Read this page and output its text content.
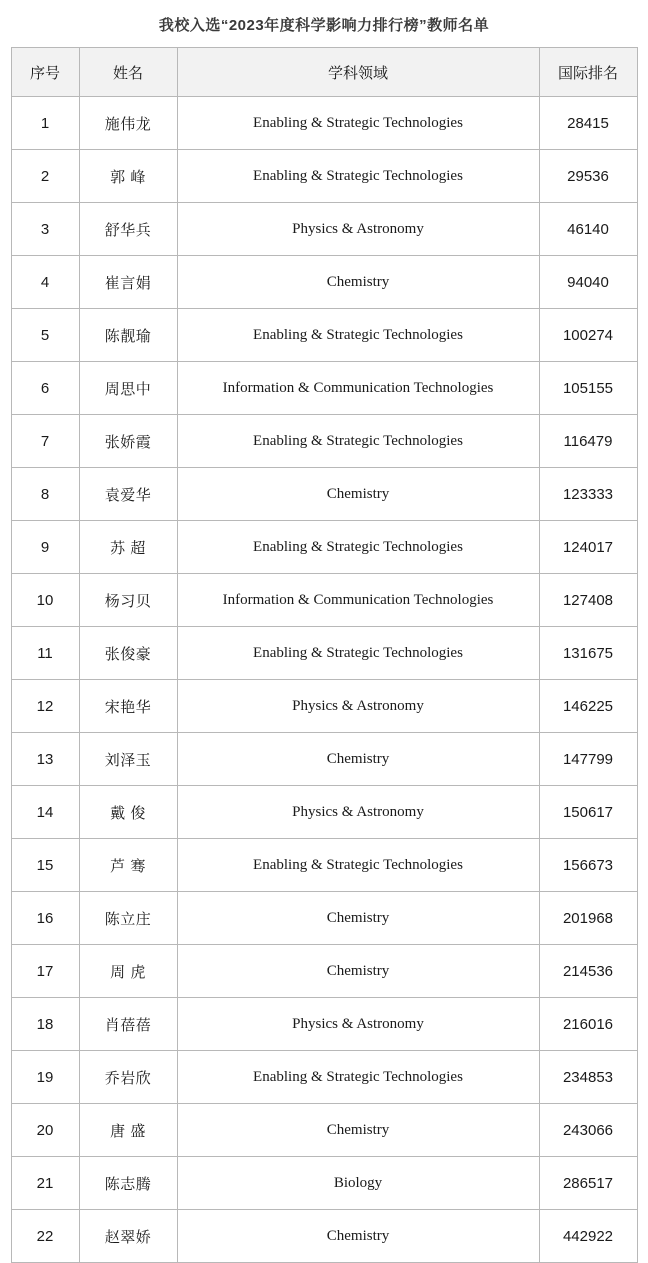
我校入选“2023年度科学影响力排行榜”教师名单
序号	姓名	学科领域	国际排名
1	施伟龙	Enabling & Strategic Technologies	28415
2	郭 峰	Enabling & Strategic Technologies	29536
3	舒华兵	Physics & Astronomy	46140
4	崔言娟	Chemistry	94040
5	陈靓瑜	Enabling & Strategic Technologies	100274
6	周思中	Information & Communication Technologies	105155
7	张娇霞	Enabling & Strategic Technologies	116479
8	袁爱华	Chemistry	123333
9	苏 超	Enabling & Strategic Technologies	124017
10	杨习贝	Information & Communication Technologies	127408
11	张俊豪	Enabling & Strategic Technologies	131675
12	宋艳华	Physics & Astronomy	146225
13	刘泽玉	Chemistry	147799
14	戴 俊	Physics & Astronomy	150617
15	芦 骞	Enabling & Strategic Technologies	156673
16	陈立庄	Chemistry	201968
17	周 虎	Chemistry	214536
18	肖蓓蓓	Physics & Astronomy	216016
19	乔岩欣	Enabling & Strategic Technologies	234853
20	唐 盛	Chemistry	243066
21	陈志腾	Biology	286517
22	赵翠娇	Chemistry	442922
